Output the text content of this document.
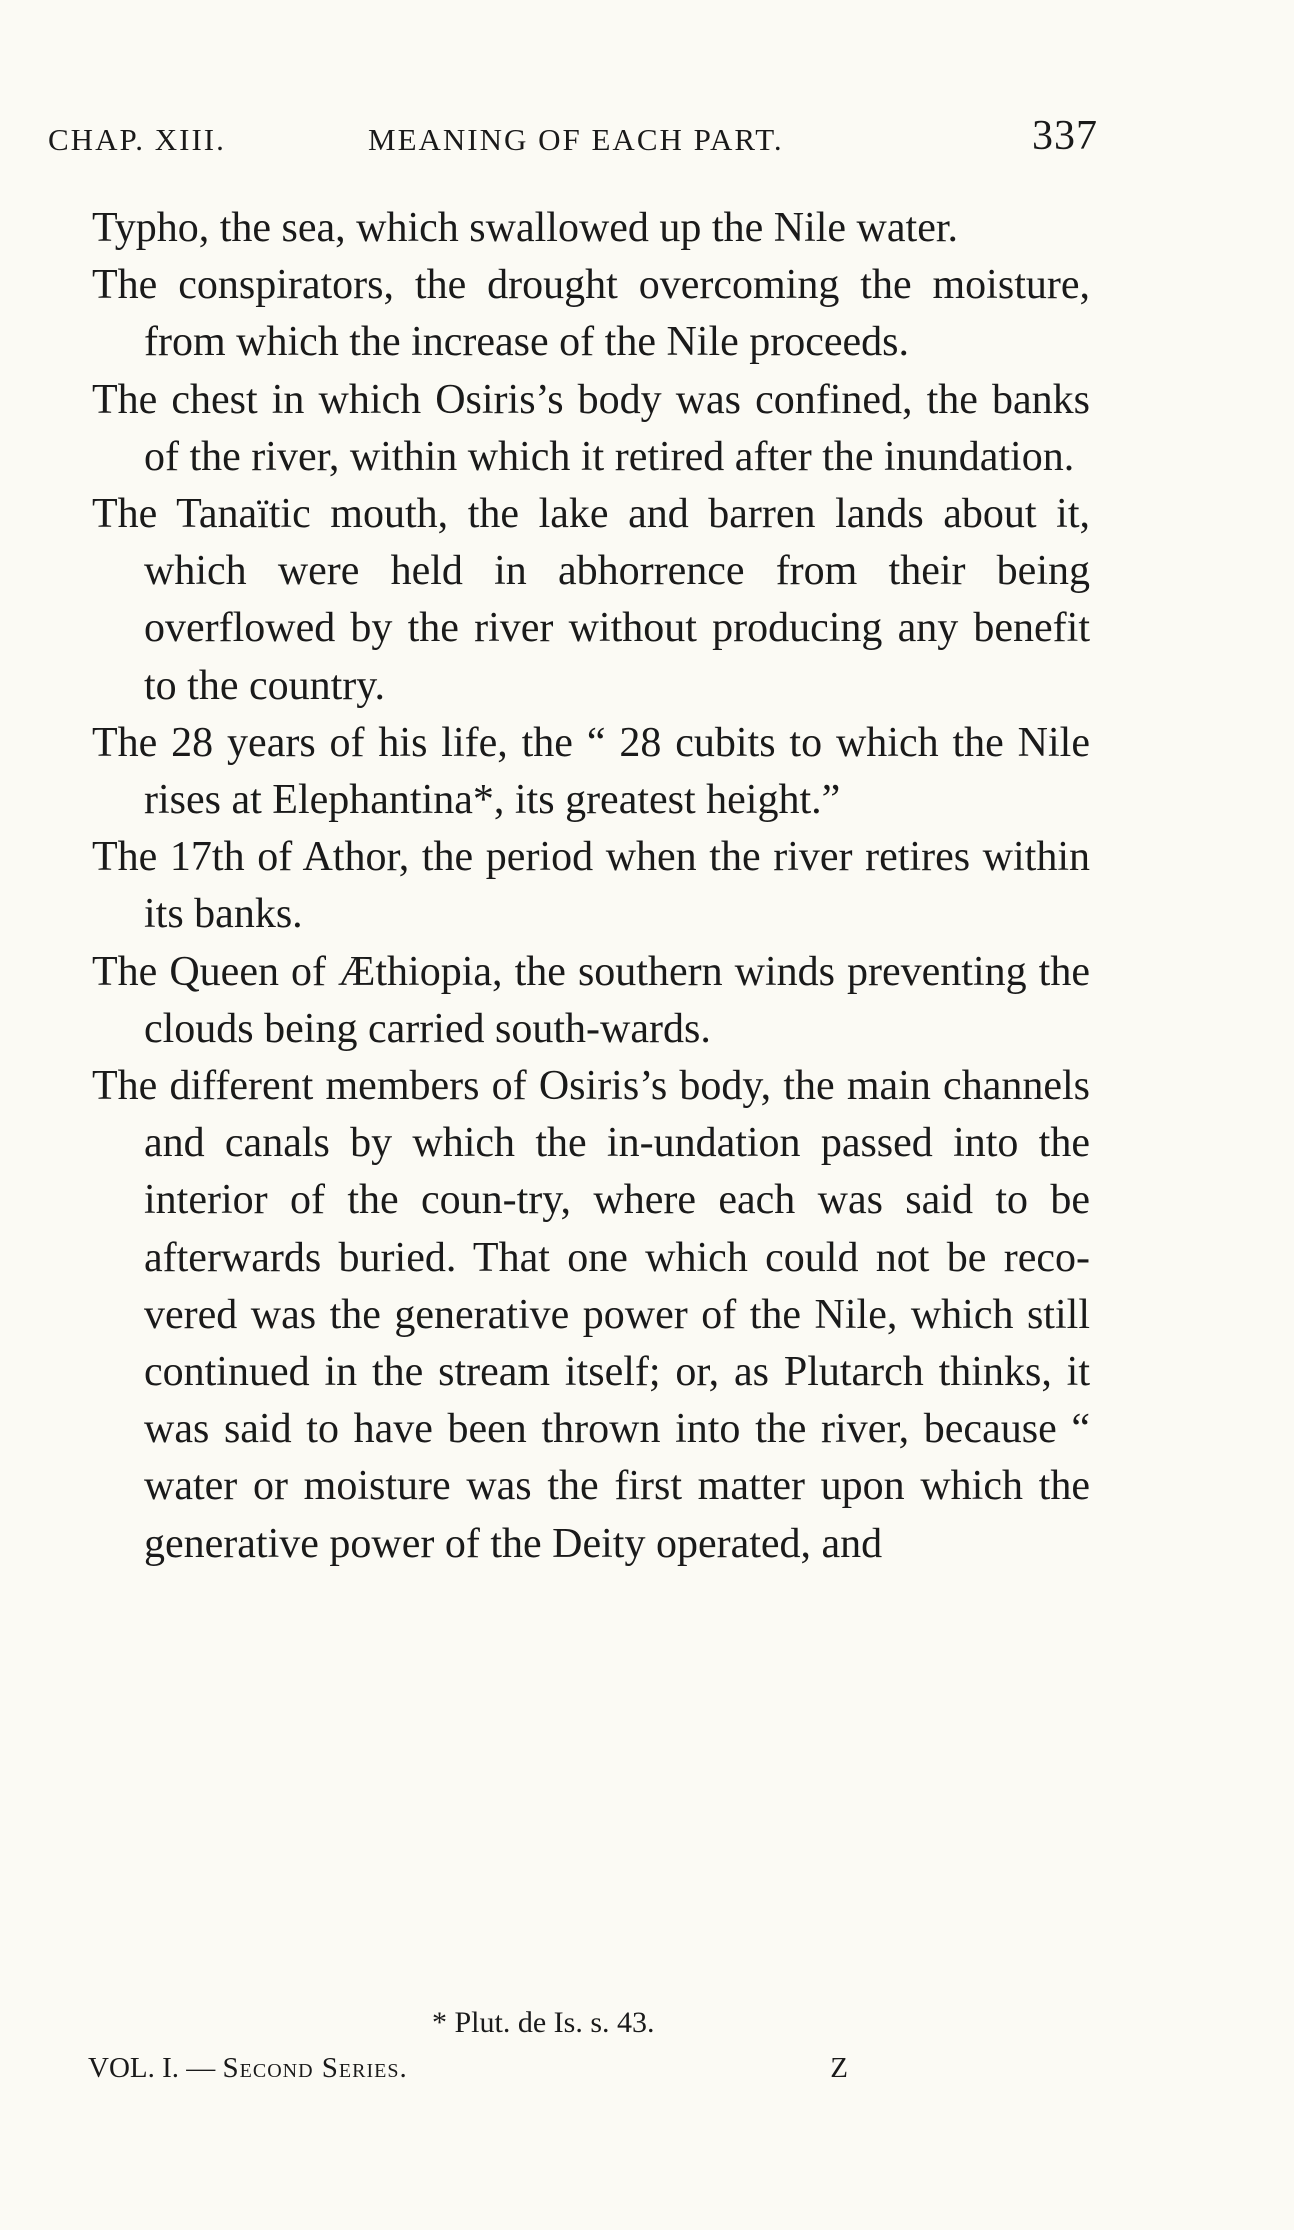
CHAP. XIII.	MEANING OF EACH PART.	337

Typho, the sea, which swallowed up the Nile water.

The conspirators, the drought overcoming the moisture, from which the increase of the Nile proceeds.

The chest in which Osiris’s body was confined, the banks of the river, within which it retired after the inundation.

The Tanaïtic mouth, the lake and barren lands about it, which were held in abhorrence from their being overflowed by the river without producing any benefit to the country.

The 28 years of his life, the “ 28 cubits to which the Nile rises at Elephantina*, its greatest height.”

The 17th of Athor, the period when the river retires within its banks.

The Queen of Æthiopia, the southern winds preventing the clouds being carried south-wards.

The different members of Osiris’s body, the main channels and canals by which the in-undation passed into the interior of the coun-try, where each was said to be afterwards buried. That one which could not be reco-vered was the generative power of the Nile, which still continued in the stream itself; or, as Plutarch thinks, it was said to have been thrown into the river, because “ water or moisture was the first matter upon which the generative power of the Deity operated, and

* Plut. de Is. s. 43.
VOL. I. — Second Series.	Z
